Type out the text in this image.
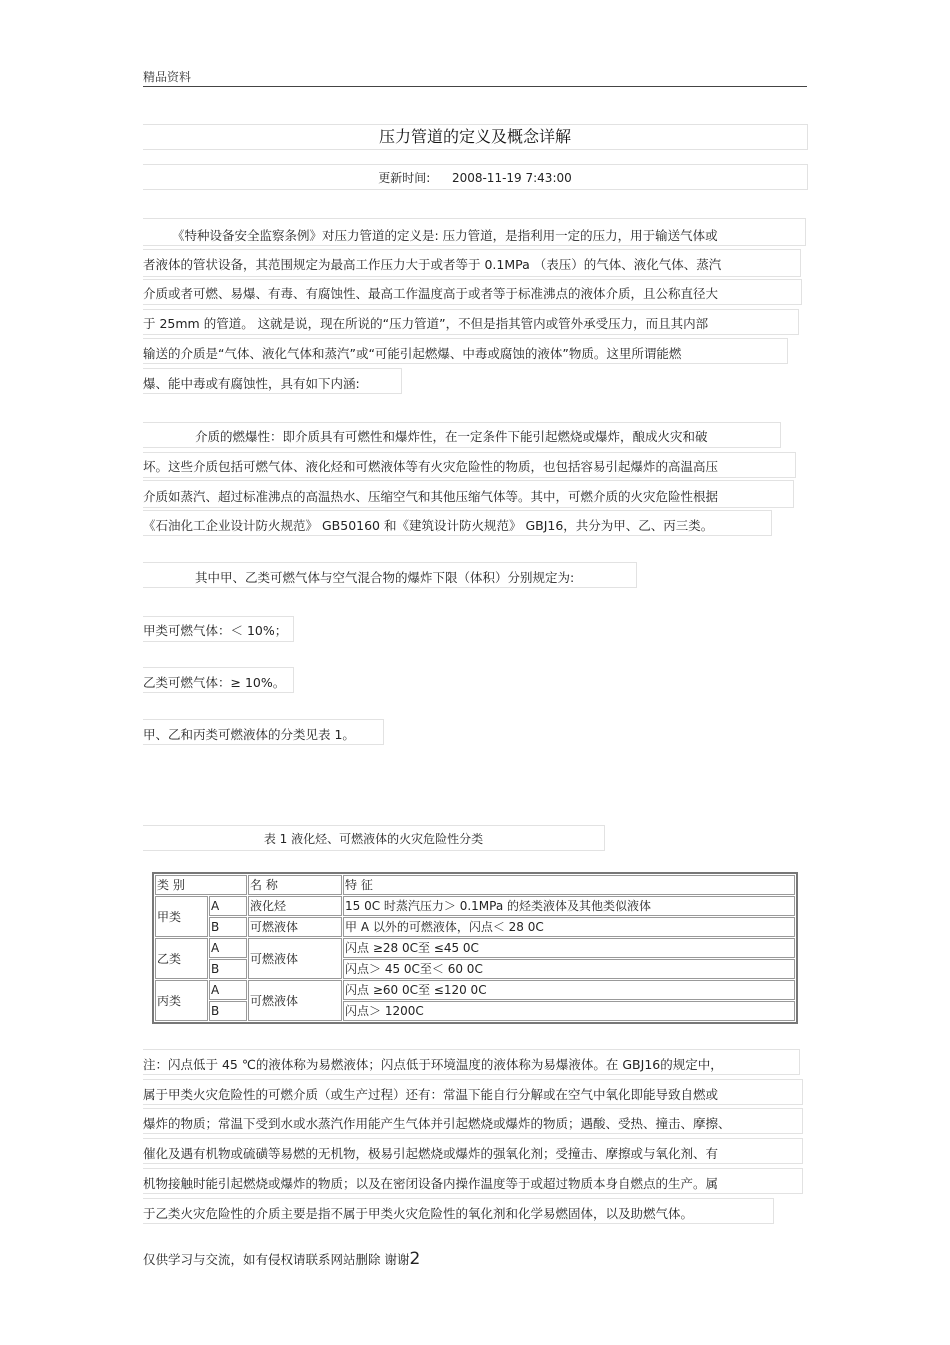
精品资料
压力管道的定义及概念详解
更新时间: 2008-11-19 7:43:00
《特种设备安全监察条例》对压力管道的定义是: 压力管道，是指利用一定的压力，用于输送气体或
者液体的管状设备，其范围规定为最高工作压力大于或者等于 0.1MPa （表压）的气体、液化气体、蒸汽
介质或者可燃、易爆、有毒、有腐蚀性、最高工作温度高于或者等于标准沸点的液体介质，且公称直径大
于 25mm 的管道。 这就是说，现在所说的“压力管道”，不但是指其管内或管外承受压力，而且其内部
输送的介质是“气体、液化气体和蒸汽”或“可能引起燃爆、中毒或腐蚀的液体”物质。这里所谓能燃
爆、能中毒或有腐蚀性，具有如下内涵:
介质的燃爆性：即介质具有可燃性和爆炸性，在一定条件下能引起燃烧或爆炸，酿成火灾和破
坏。这些介质包括可燃气体、液化烃和可燃液体等有火灾危险性的物质，也包括容易引起爆炸的高温高压
介质如蒸汽、超过标准沸点的高温热水、压缩空气和其他压缩气体等。其中，可燃介质的火灾危险性根据
《石油化工企业设计防火规范》 GB50160 和《建筑设计防火规范》 GBJ16，共分为甲、乙、丙三类。
其中甲、乙类可燃气体与空气混合物的爆炸下限（体积）分别规定为:
甲类可燃气体：＜ 10%；
乙类可燃气体：≥ 10%。
甲、乙和丙类可燃液体的分类见表 1。
表 1 液化烃、可燃液体的火灾危险性分类
类 别		名 称	特 征
甲类	A	液化烃	15 0C 时蒸汽压力＞ 0.1MPa 的烃类液体及其他类似液体
	B	可燃液体	甲 A 以外的可燃液体，闪点＜ 28 0C
乙类	A	可燃液体	闪点 ≥28 0C至 ≤45 0C
	B		闪点＞ 45 0C至＜ 60 0C
丙类	A	可燃液体	闪点 ≥60 0C至 ≤120 0C
	B		闪点＞ 1200C
注：闪点低于 45 ℃的液体称为易燃液体；闪点低于环境温度的液体称为易爆液体。在 GBJ16的规定中，
属于甲类火灾危险性的可燃介质（或生产过程）还有：常温下能自行分解或在空气中氧化即能导致自燃或
爆炸的物质；常温下受到水或水蒸汽作用能产生气体并引起燃烧或爆炸的物质；遇酸、受热、撞击、摩擦、
催化及遇有机物或硫磺等易燃的无机物，极易引起燃烧或爆炸的强氧化剂；受撞击、摩擦或与氧化剂、有
机物接触时能引起燃烧或爆炸的物质；以及在密闭设备内操作温度等于或超过物质本身自燃点的生产。属
于乙类火灾危险性的介质主要是指不属于甲类火灾危险性的氧化剂和化学易燃固体，以及助燃气体。
仅供学习与交流，如有侵权请联系网站删除 谢谢2
